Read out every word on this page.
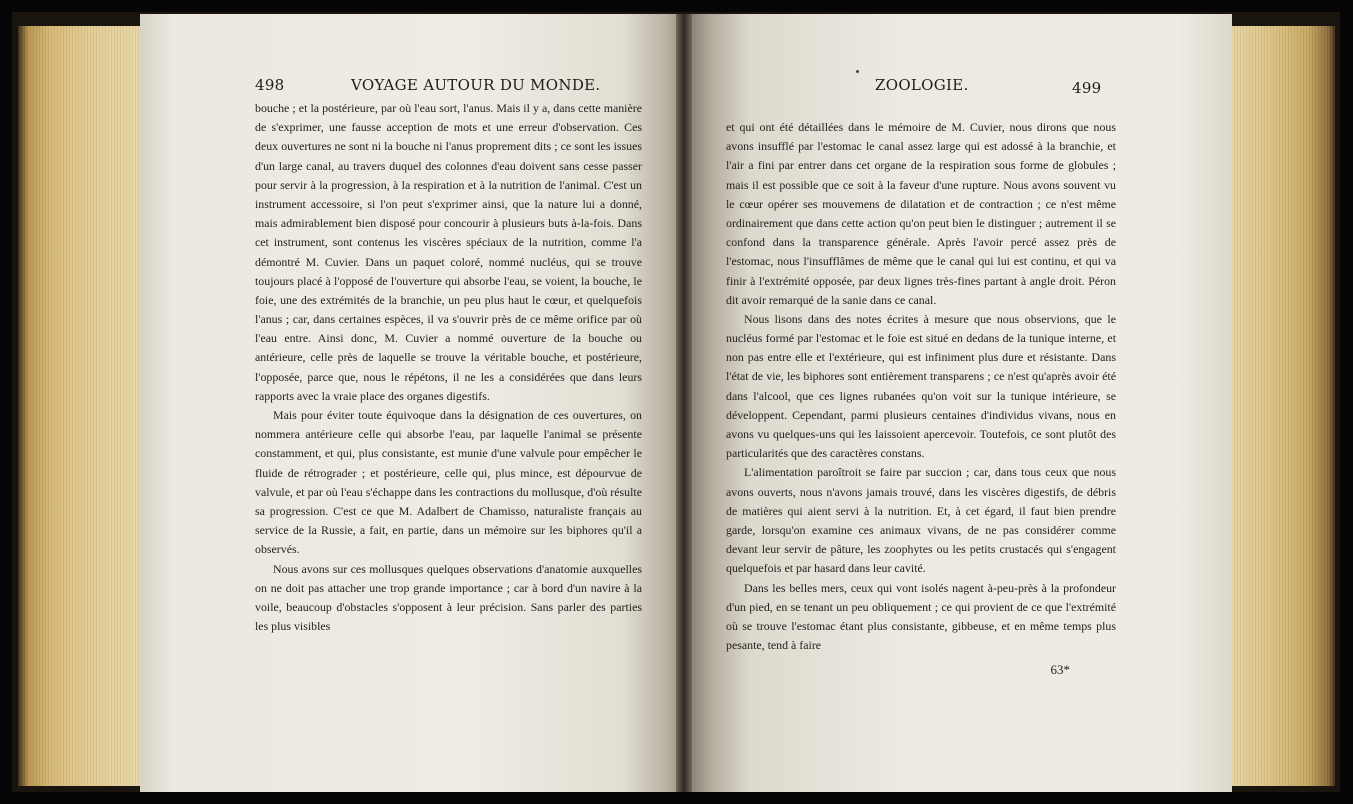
498	VOYAGE AUTOUR DU MONDE.	ZOOLOGIE.	499

bouche ; et la postérieure, par où l'eau sort, l'anus. Mais il y a, dans cette manière de s'exprimer, une fausse acception de mots et une erreur d'observation. Ces deux ouvertures ne sont ni la bouche ni l'anus proprement dits ; ce sont les issues d'un large canal, au travers duquel des colonnes d'eau doivent sans cesse passer pour servir à la progression, à la respiration et à la nutrition de l'animal. C'est un instrument accessoire, si l'on peut s'exprimer ainsi, que la nature lui a donné, mais admirablement bien disposé pour concourir à plusieurs buts à-la-fois. Dans cet instrument, sont contenus les viscères spéciaux de la nutrition, comme l'a démontré M. Cuvier. Dans un paquet coloré, nommé nucléus, qui se trouve toujours placé à l'opposé de l'ouverture qui absorbe l'eau, se voient, la bouche, le foie, une des extrémités de la branchie, un peu plus haut le cœur, et quelquefois l'anus ; car, dans certaines espèces, il va s'ouvrir près de ce même orifice par où l'eau entre. Ainsi donc, M. Cuvier a nommé ouverture de la bouche ou antérieure, celle près de laquelle se trouve la véritable bouche, et postérieure, l'opposée, parce que, nous le répétons, il ne les a considérées que dans leurs rapports avec la vraie place des organes digestifs.

Mais pour éviter toute équivoque dans la désignation de ces ouvertures, on nommera antérieure celle qui absorbe l'eau, par laquelle l'animal se présente constamment, et qui, plus consistante, est munie d'une valvule pour empêcher le fluide de rétrograder ; et postérieure, celle qui, plus mince, est dépourvue de valvule, et par où l'eau s'échappe dans les contractions du mollusque, d'où résulte sa progression. C'est ce que M. Adalbert de Chamisso, naturaliste français au service de la Russie, a fait, en partie, dans un mémoire sur les biphores qu'il a observés.

Nous avons sur ces mollusques quelques observations d'anatomie auxquelles on ne doit pas attacher une trop grande importance ; car à bord d'un navire à la voile, beaucoup d'obstacles s'opposent à leur précision. Sans parler des parties les plus visibles

et qui ont été détaillées dans le mémoire de M. Cuvier, nous dirons que nous avons insufflé par l'estomac le canal assez large qui est adossé à la branchie, et l'air a fini par entrer dans cet organe de la respiration sous forme de globules ; mais il est possible que ce soit à la faveur d'une rupture. Nous avons souvent vu le cœur opérer ses mouvemens de dilatation et de contraction ; ce n'est même ordinairement que dans cette action qu'on peut bien le distinguer ; autrement il se confond dans la transparence générale. Après l'avoir percé assez près de l'estomac, nous l'insufflâmes de même que le canal qui lui est continu, et qui va finir à l'extrémité opposée, par deux lignes très-fines partant à angle droit. Péron dit avoir remarqué de la sanie dans ce canal.

Nous lisons dans des notes écrites à mesure que nous observions, que le nucléus formé par l'estomac et le foie est situé en dedans de la tunique interne, et non pas entre elle et l'extérieure, qui est infiniment plus dure et résistante. Dans l'état de vie, les biphores sont entièrement transparens ; ce n'est qu'après avoir été dans l'alcool, que ces lignes rubanées qu'on voit sur la tunique intérieure, se développent. Cependant, parmi plusieurs centaines d'individus vivans, nous en avons vu quelques-uns qui les laissoient apercevoir. Toutefois, ce sont plutôt des particularités que des caractères constans.

L'alimentation paroîtroit se faire par succion ; car, dans tous ceux que nous avons ouverts, nous n'avons jamais trouvé, dans les viscères digestifs, de débris de matières qui aient servi à la nutrition. Et, à cet égard, il faut bien prendre garde, lorsqu'on examine ces animaux vivans, de ne pas considérer comme devant leur servir de pâture, les zoophytes ou les petits crustacés qui s'engagent quelquefois et par hasard dans leur cavité.

Dans les belles mers, ceux qui vont isolés nagent à-peu-près à la profondeur d'un pied, en se tenant un peu obliquement ; ce qui provient de ce que l'extrémité où se trouve l'estomac étant plus consistante, gibbeuse, et en même temps plus pesante, tend à faire

63*
